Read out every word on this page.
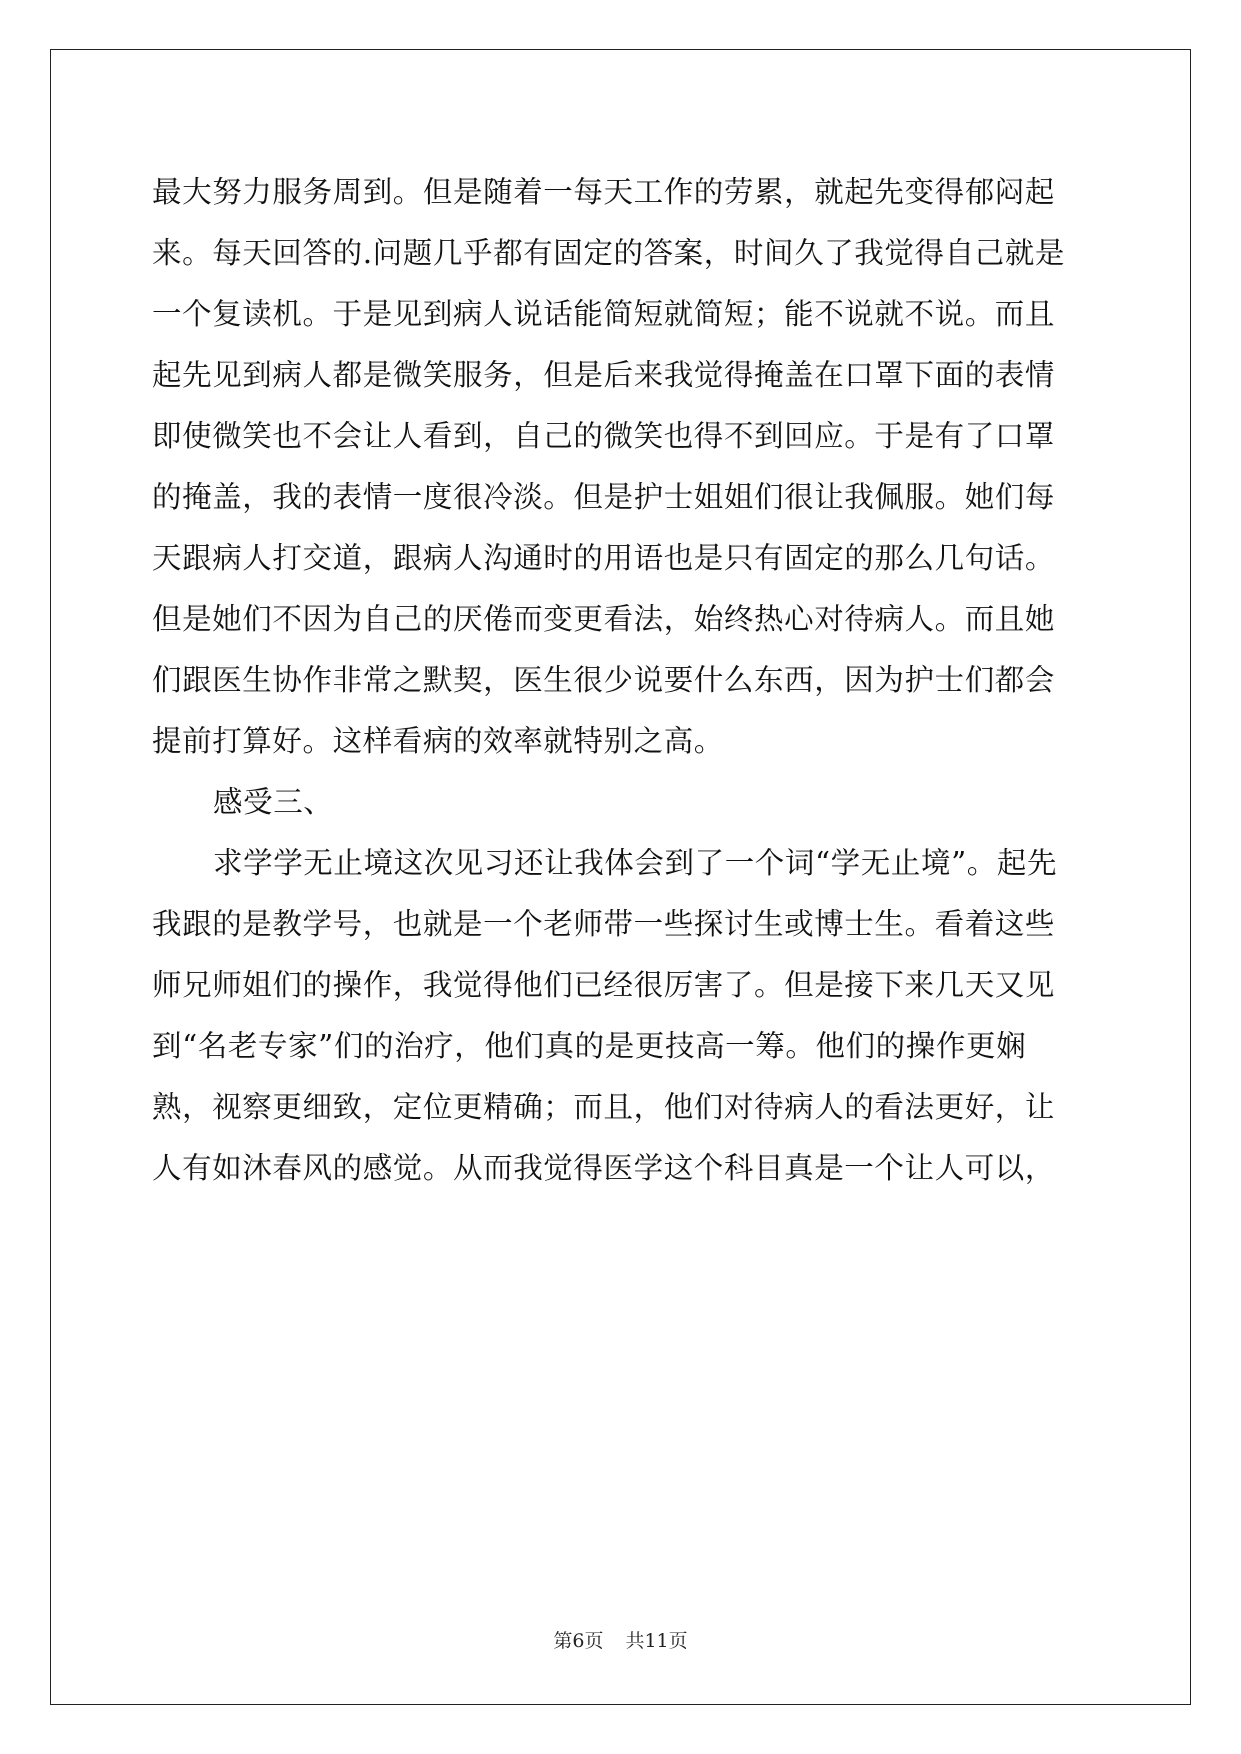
最大努力服务周到。但是随着一每天工作的劳累，就起先变得郁闷起
来。每天回答的.问题几乎都有固定的答案，时间久了我觉得自己就是
一个复读机。于是见到病人说话能简短就简短；能不说就不说。而且
起先见到病人都是微笑服务，但是后来我觉得掩盖在口罩下面的表情
即使微笑也不会让人看到，自己的微笑也得不到回应。于是有了口罩
的掩盖，我的表情一度很冷淡。但是护士姐姐们很让我佩服。她们每
天跟病人打交道，跟病人沟通时的用语也是只有固定的那么几句话。
但是她们不因为自己的厌倦而变更看法，始终热心对待病人。而且她
们跟医生协作非常之默契，医生很少说要什么东西，因为护士们都会
提前打算好。这样看病的效率就特别之高。
感受三、
求学学无止境这次见习还让我体会到了一个词“学无止境”。起先
我跟的是教学号，也就是一个老师带一些探讨生或博士生。看着这些
师兄师姐们的操作，我觉得他们已经很厉害了。但是接下来几天又见
到“名老专家”们的治疗，他们真的是更技高一筹。他们的操作更娴
熟，视察更细致，定位更精确；而且，他们对待病人的看法更好，让
人有如沐春风的感觉。从而我觉得医学这个科目真是一个让人可以，
第6页 共11页
